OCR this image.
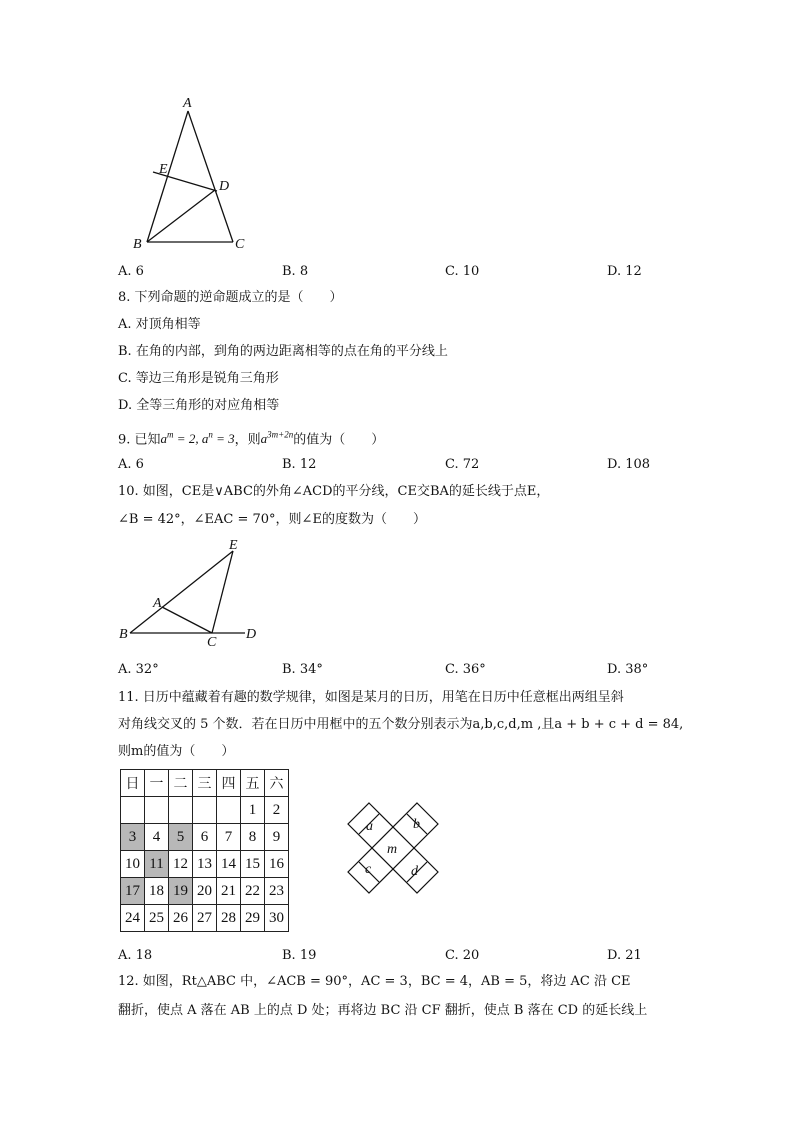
A
E
D
B	C
A. 6	B. 8	C. 10	D. 12
8. 下列命题的逆命题成立的是（　　）
A. 对顶角相等
B. 在角的内部，到角的两边距离相等的点在角的平分线上
C. 等边三角形是锐角三角形
D. 全等三角形的对应角相等
9. 已知$a^m = 2$, $a^n = 3$，则$a^{3m+2n}$的值为（　　）
A. 6	B. 12	C. 72	D. 108
10. 如图，CE是∨ABC的外角∠ACD的平分线，CE交BA的延长线于点E，
∠B = 42°，∠EAC = 70°，则∠E的度数为（　　）
E
A
B
C
D
A. 32°	B. 34°	C. 36°	D. 38°
11. 日历中蕴藏着有趣的数学规律，如图是某月的日历，用笔在日历中任意框出两组呈斜
对角线交叉的 5 个数．若在日历中用框中的五个数分别表示为a,b,c,d,m ,且a + b + c + d = 84,
则m的值为（　　）
日	一	二	三	四	五	六
					1	2
3	4	5	6	7	8	9
10	11	12	13	14	15	16
17	18	19	20	21	22	23
24	25	26	27	28	29	30
a	b
m
c	d
A. 18	B. 19	C. 20	D. 21
12. 如图，Rt△ABC 中，∠ACB = 90°，AC = 3，BC = 4，AB = 5，将边 AC 沿 CE
翻折，使点 A 落在 AB 上的点 D 处；再将边 BC 沿 CF 翻折，使点 B 落在 CD 的延长线上
